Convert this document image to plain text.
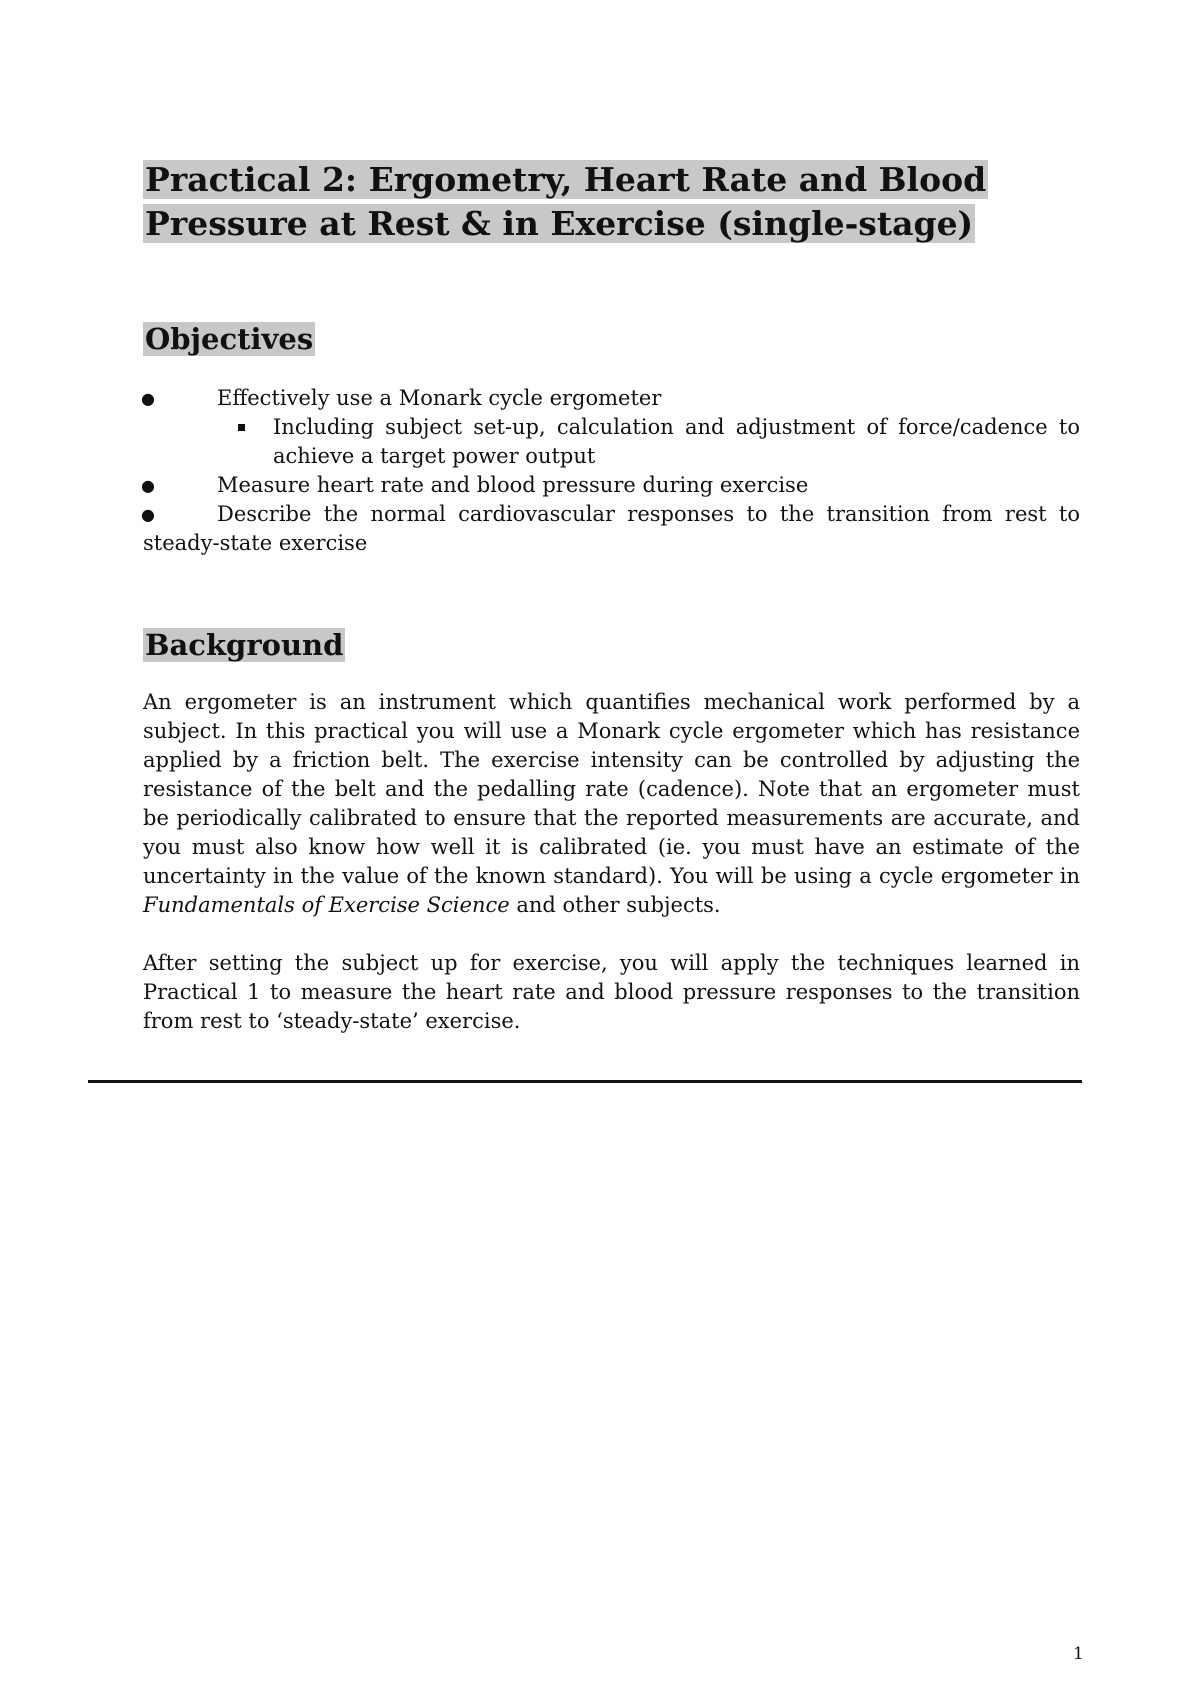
Practical 2: Ergometry, Heart Rate and Blood Pressure at Rest & in Exercise (single-stage)
Objectives
●	Effectively use a Monark cycle ergometer
Including subject set-up, calculation and adjustment of force/cadence to achieve a target power output
●	Measure heart rate and blood pressure during exercise
●	Describe the normal cardiovascular responses to the transition from rest to steady-state exercise
Background

An ergometer is an instrument which quantifies mechanical work performed by a subject. In this practical you will use a Monark cycle ergometer which has resistance applied by a friction belt. The exercise intensity can be controlled by adjusting the resistance of the belt and the pedalling rate (cadence). Note that an ergometer must be periodically calibrated to ensure that the reported measurements are accurate, and you must also know how well it is calibrated (ie. you must have an estimate of the uncertainty in the value of the known standard). You will be using a cycle ergometer in Fundamentals of Exercise Science and other subjects.

After setting the subject up for exercise, you will apply the techniques learned in Practical 1 to measure the heart rate and blood pressure responses to the transition from rest to ‘steady-state’ exercise.

1
